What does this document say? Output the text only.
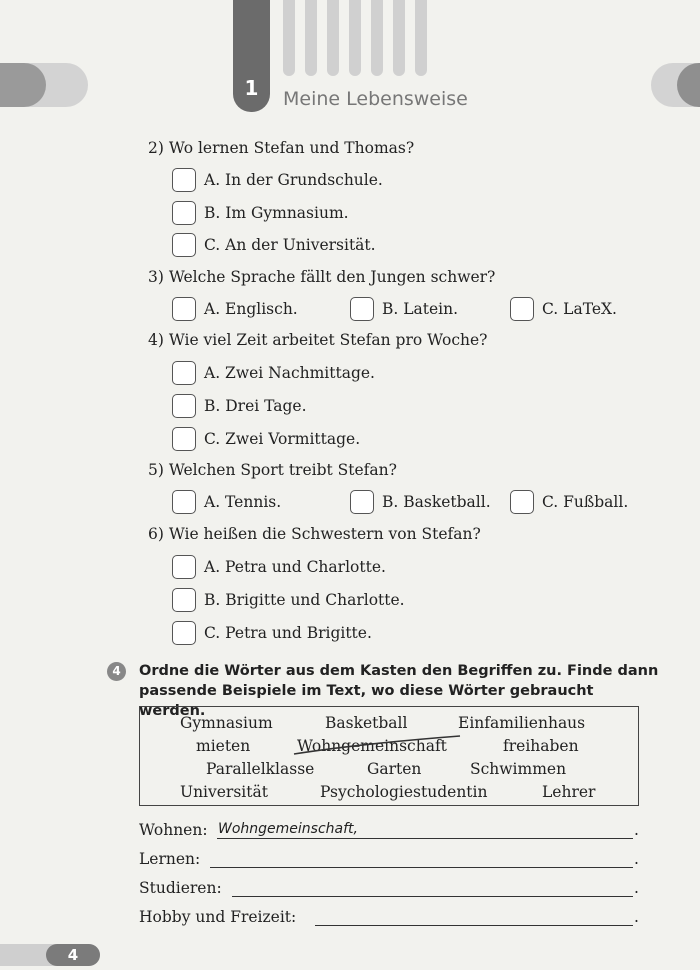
1	Meine Lebensweise
2) Wo lernen Stefan und Thomas?
A. In der Grundschule.
B. Im Gymnasium.
C. An der Universität.
3) Welche Sprache fällt den Jungen schwer?
A. Englisch.	B. Latein.	C. LaTeX.
4) Wie viel Zeit arbeitet Stefan pro Woche?
A. Zwei Nachmittage.
B. Drei Tage.
C. Zwei Vormittage.
5) Welchen Sport treibt Stefan?
A. Tennis.	B. Basketball.	C. Fußball.
6) Wie heißen die Schwestern von Stefan?
A. Petra und Charlotte.
B. Brigitte und Charlotte.
C. Petra und Brigitte.
4	Ordne die Wörter aus dem Kasten den Begriffen zu. Finde dann passende Beispiele im Text, wo diese Wörter gebraucht werden.
Gymnasium	Basketball	Einfamilienhaus
mieten	Wohngemeinschaft	freihaben
Parallelklasse	Garten	Schwimmen
Universität	Psychologiestudentin	Lehrer
Wohnen: Wohngemeinschaft,	.
Lernen:	.
Studieren:	.
Hobby und Freizeit:	.
4
